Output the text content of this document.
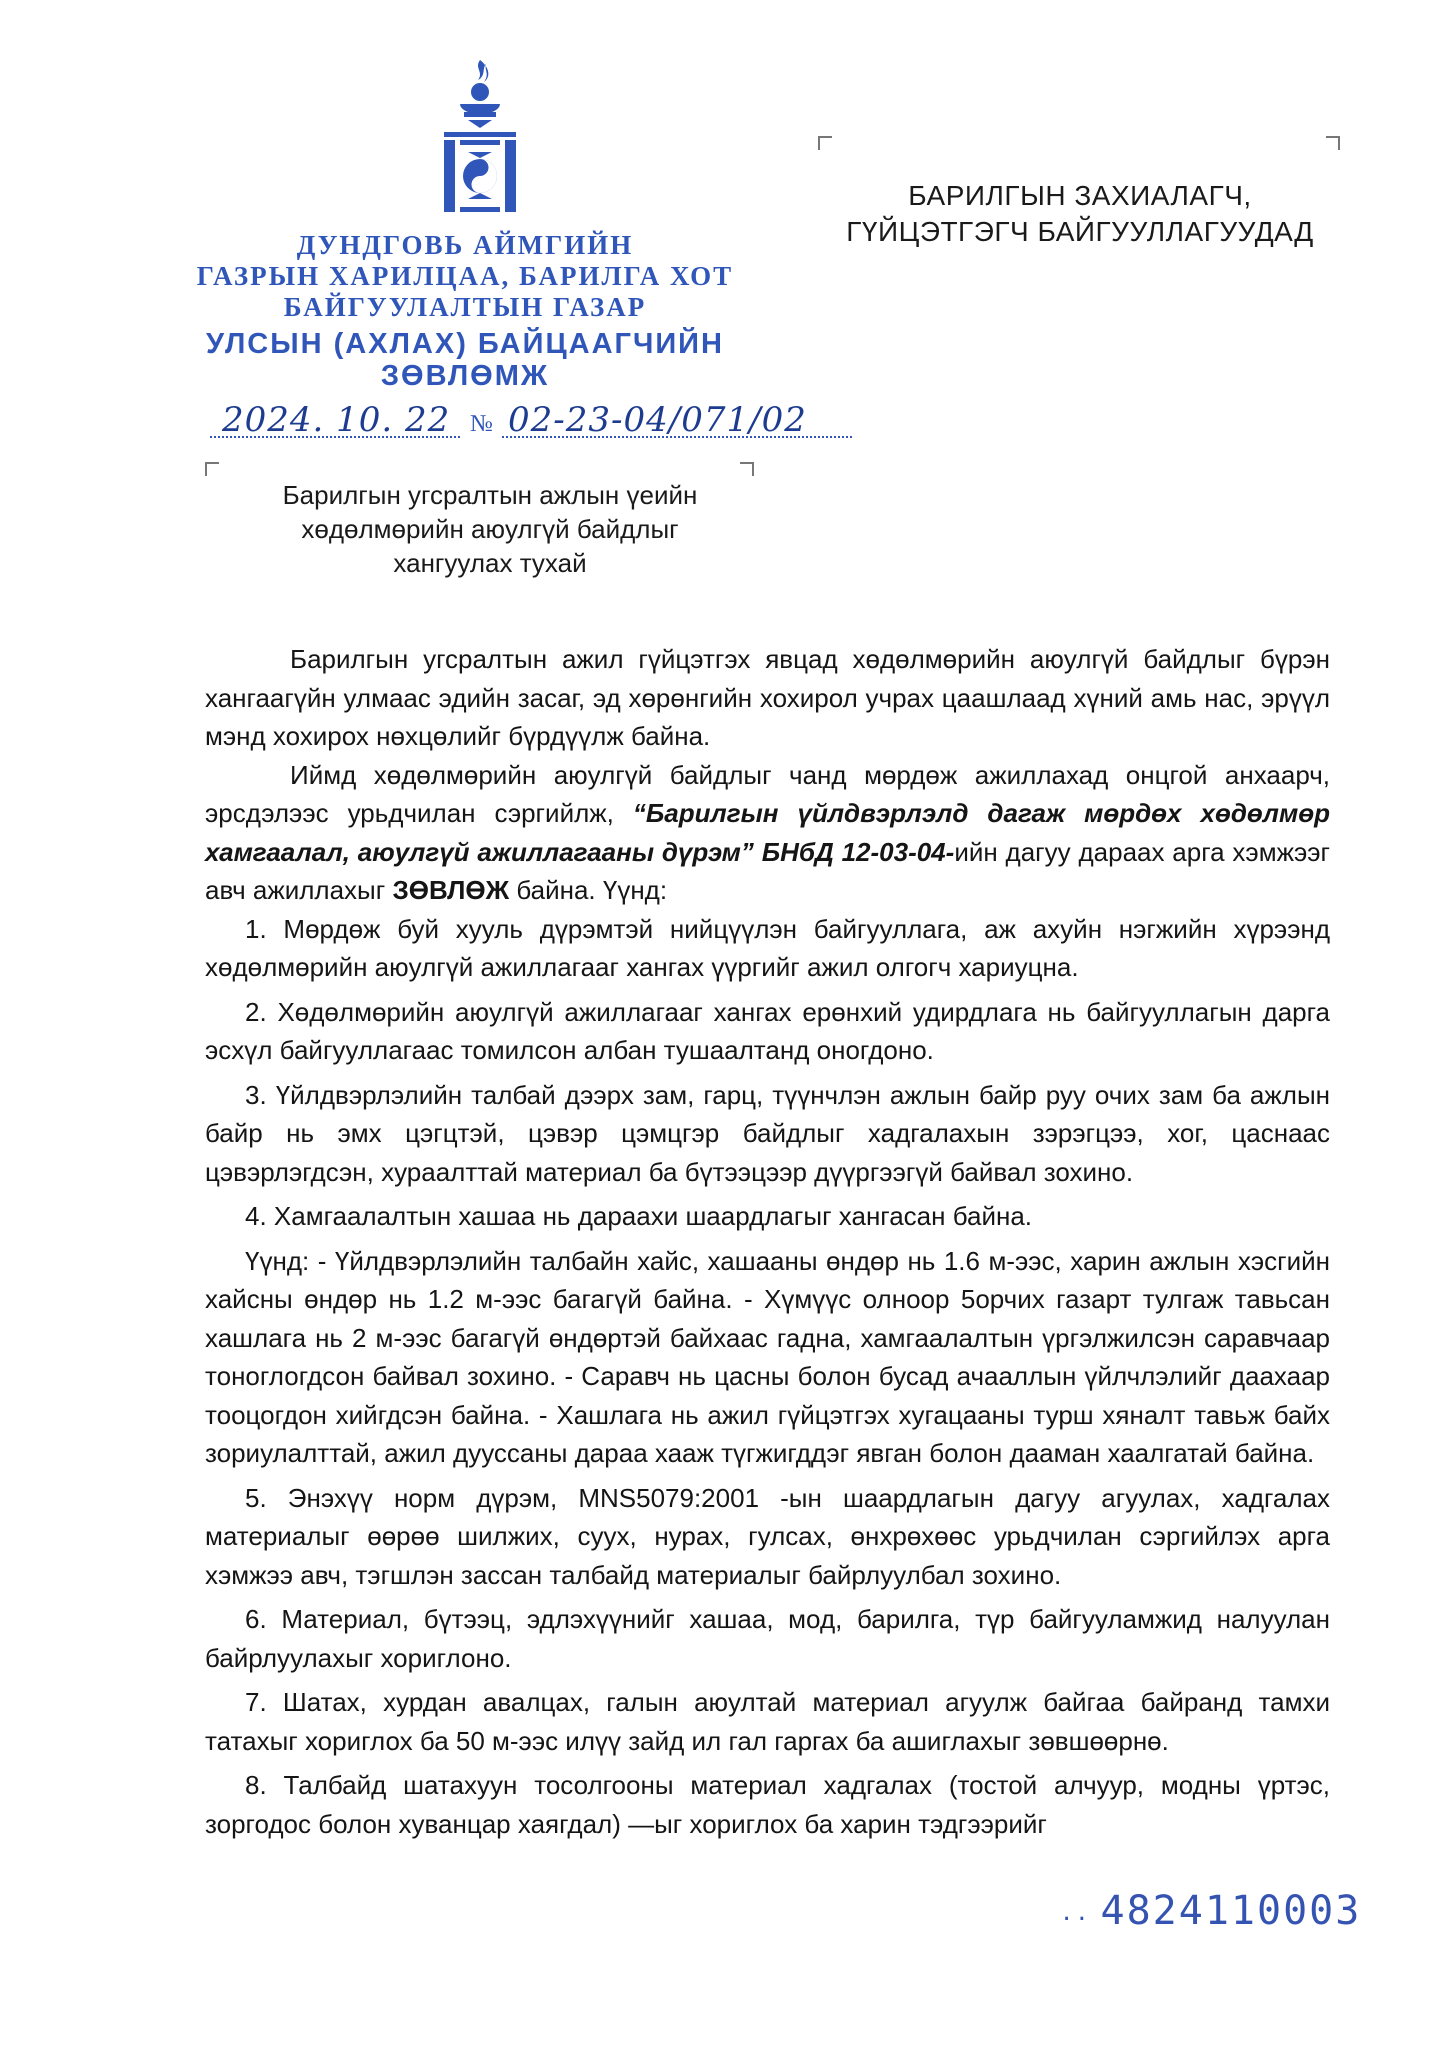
ДУНДГОВЬ АЙМГИЙН
ГАЗРЫН ХАРИЛЦАА, БАРИЛГА ХОТ
БАЙГУУЛАЛТЫН ГАЗАР
УЛСЫН (АХЛАХ) БАЙЦААГЧИЙН
ЗӨВЛӨМЖ
2024. 10. 22 № 02-23-04/071/02
БАРИЛГЫН ЗАХИАЛАГЧ,
ГҮЙЦЭТГЭГЧ БАЙГУУЛЛАГУУДАД
Барилгын угсралтын ажлын үеийн
хөдөлмөрийн аюулгүй байдлыг
хангуулах тухай

Барилгын угсралтын ажил гүйцэтгэх явцад хөдөлмөрийн аюулгүй байдлыг бүрэн хангаагүйн улмаас эдийн засаг, эд хөрөнгийн хохирол учрах цаашлаад хүний амь нас, эрүүл мэнд хохирох нөхцөлийг бүрдүүлж байна.

Иймд хөдөлмөрийн аюулгүй байдлыг чанд мөрдөж ажиллахад онцгой анхаарч, эрсдэлээс урьдчилан сэргийлж, “Барилгын үйлдвэрлэлд дагаж мөрдөх хөдөлмөр хамгаалал, аюулгүй ажиллагааны дүрэм” БНбД 12-03-04-ийн дагуу дараах арга хэмжээг авч ажиллахыг ЗӨВЛӨЖ байна. Үүнд:

1. Мөрдөж буй хууль дүрэмтэй нийцүүлэн байгууллага, аж ахуйн нэгжийн хүрээнд хөдөлмөрийн аюулгүй ажиллагааг хангах үүргийг ажил олгогч хариуцна.

2. Хөдөлмөрийн аюулгүй ажиллагааг хангах ерөнхий удирдлага нь байгууллагын дарга эсхүл байгууллагаас томилсон албан тушаалтанд оногдоно.

3. Үйлдвэрлэлийн талбай дээрх зам, гарц, түүнчлэн ажлын байр руу очих зам ба ажлын байр нь эмх цэгцтэй, цэвэр цэмцгэр байдлыг хадгалахын зэрэгцээ, хог, цаснаас цэвэрлэгдсэн, хураалттай материал ба бүтээцээр дүүргээгүй байвал зохино.

4. Хамгаалалтын хашаа нь дараахи шаардлагыг хангасан байна.

Үүнд: - Үйлдвэрлэлийн талбайн хайс, хашааны өндөр нь 1.6 м-ээс, харин ажлын хэсгийн хайсны өндөр нь 1.2 м-ээс багагүй байна. - Хүмүүс олноор 5орчих газарт тулгаж тавьсан хашлага нь 2 м-ээс багагүй өндөртэй байхаас гадна, хамгаалалтын үргэлжилсэн саравчаар тоноглогдсон байвал зохино. - Саравч нь цасны болон бусад ачааллын үйлчлэлийг даахаар тооцогдон хийгдсэн байна. - Хашлага нь ажил гүйцэтгэх хугацааны турш хяналт тавьж байх зориулалттай, ажил дууссаны дараа хааж түгжигддэг явган болон дааман хаалгатай байна.

5. Энэхүү норм дүрэм, MNS5079:2001 -ын шаардлагын дагуу агуулах, хадгалах материалыг өөрөө шилжих, суух, нурах, гулсах, өнхрөхөөс урьдчилан сэргийлэх арга хэмжээ авч, тэгшлэн зассан талбайд материалыг байрлуулбал зохино.

6. Материал, бүтээц, эдлэхүүнийг хашаа, мод, барилга, түр байгууламжид налуулан байрлуулахыг хориглоно.

7. Шатах, хурдан авалцах, галын аюултай материал агуулж байгаа байранд тамхи татахыг хориглох ба 50 м-ээс илүү зайд ил гал гаргах ба ашиглахыг зөвшөөрнө.

8. Талбайд шатахуун тосолгооны материал хадгалах (тостой алчуур, модны үртэс, зоргодос болон хуванцар хаягдал) —ыг хориглох ба харин тэдгээрийг

.. 4824110003
